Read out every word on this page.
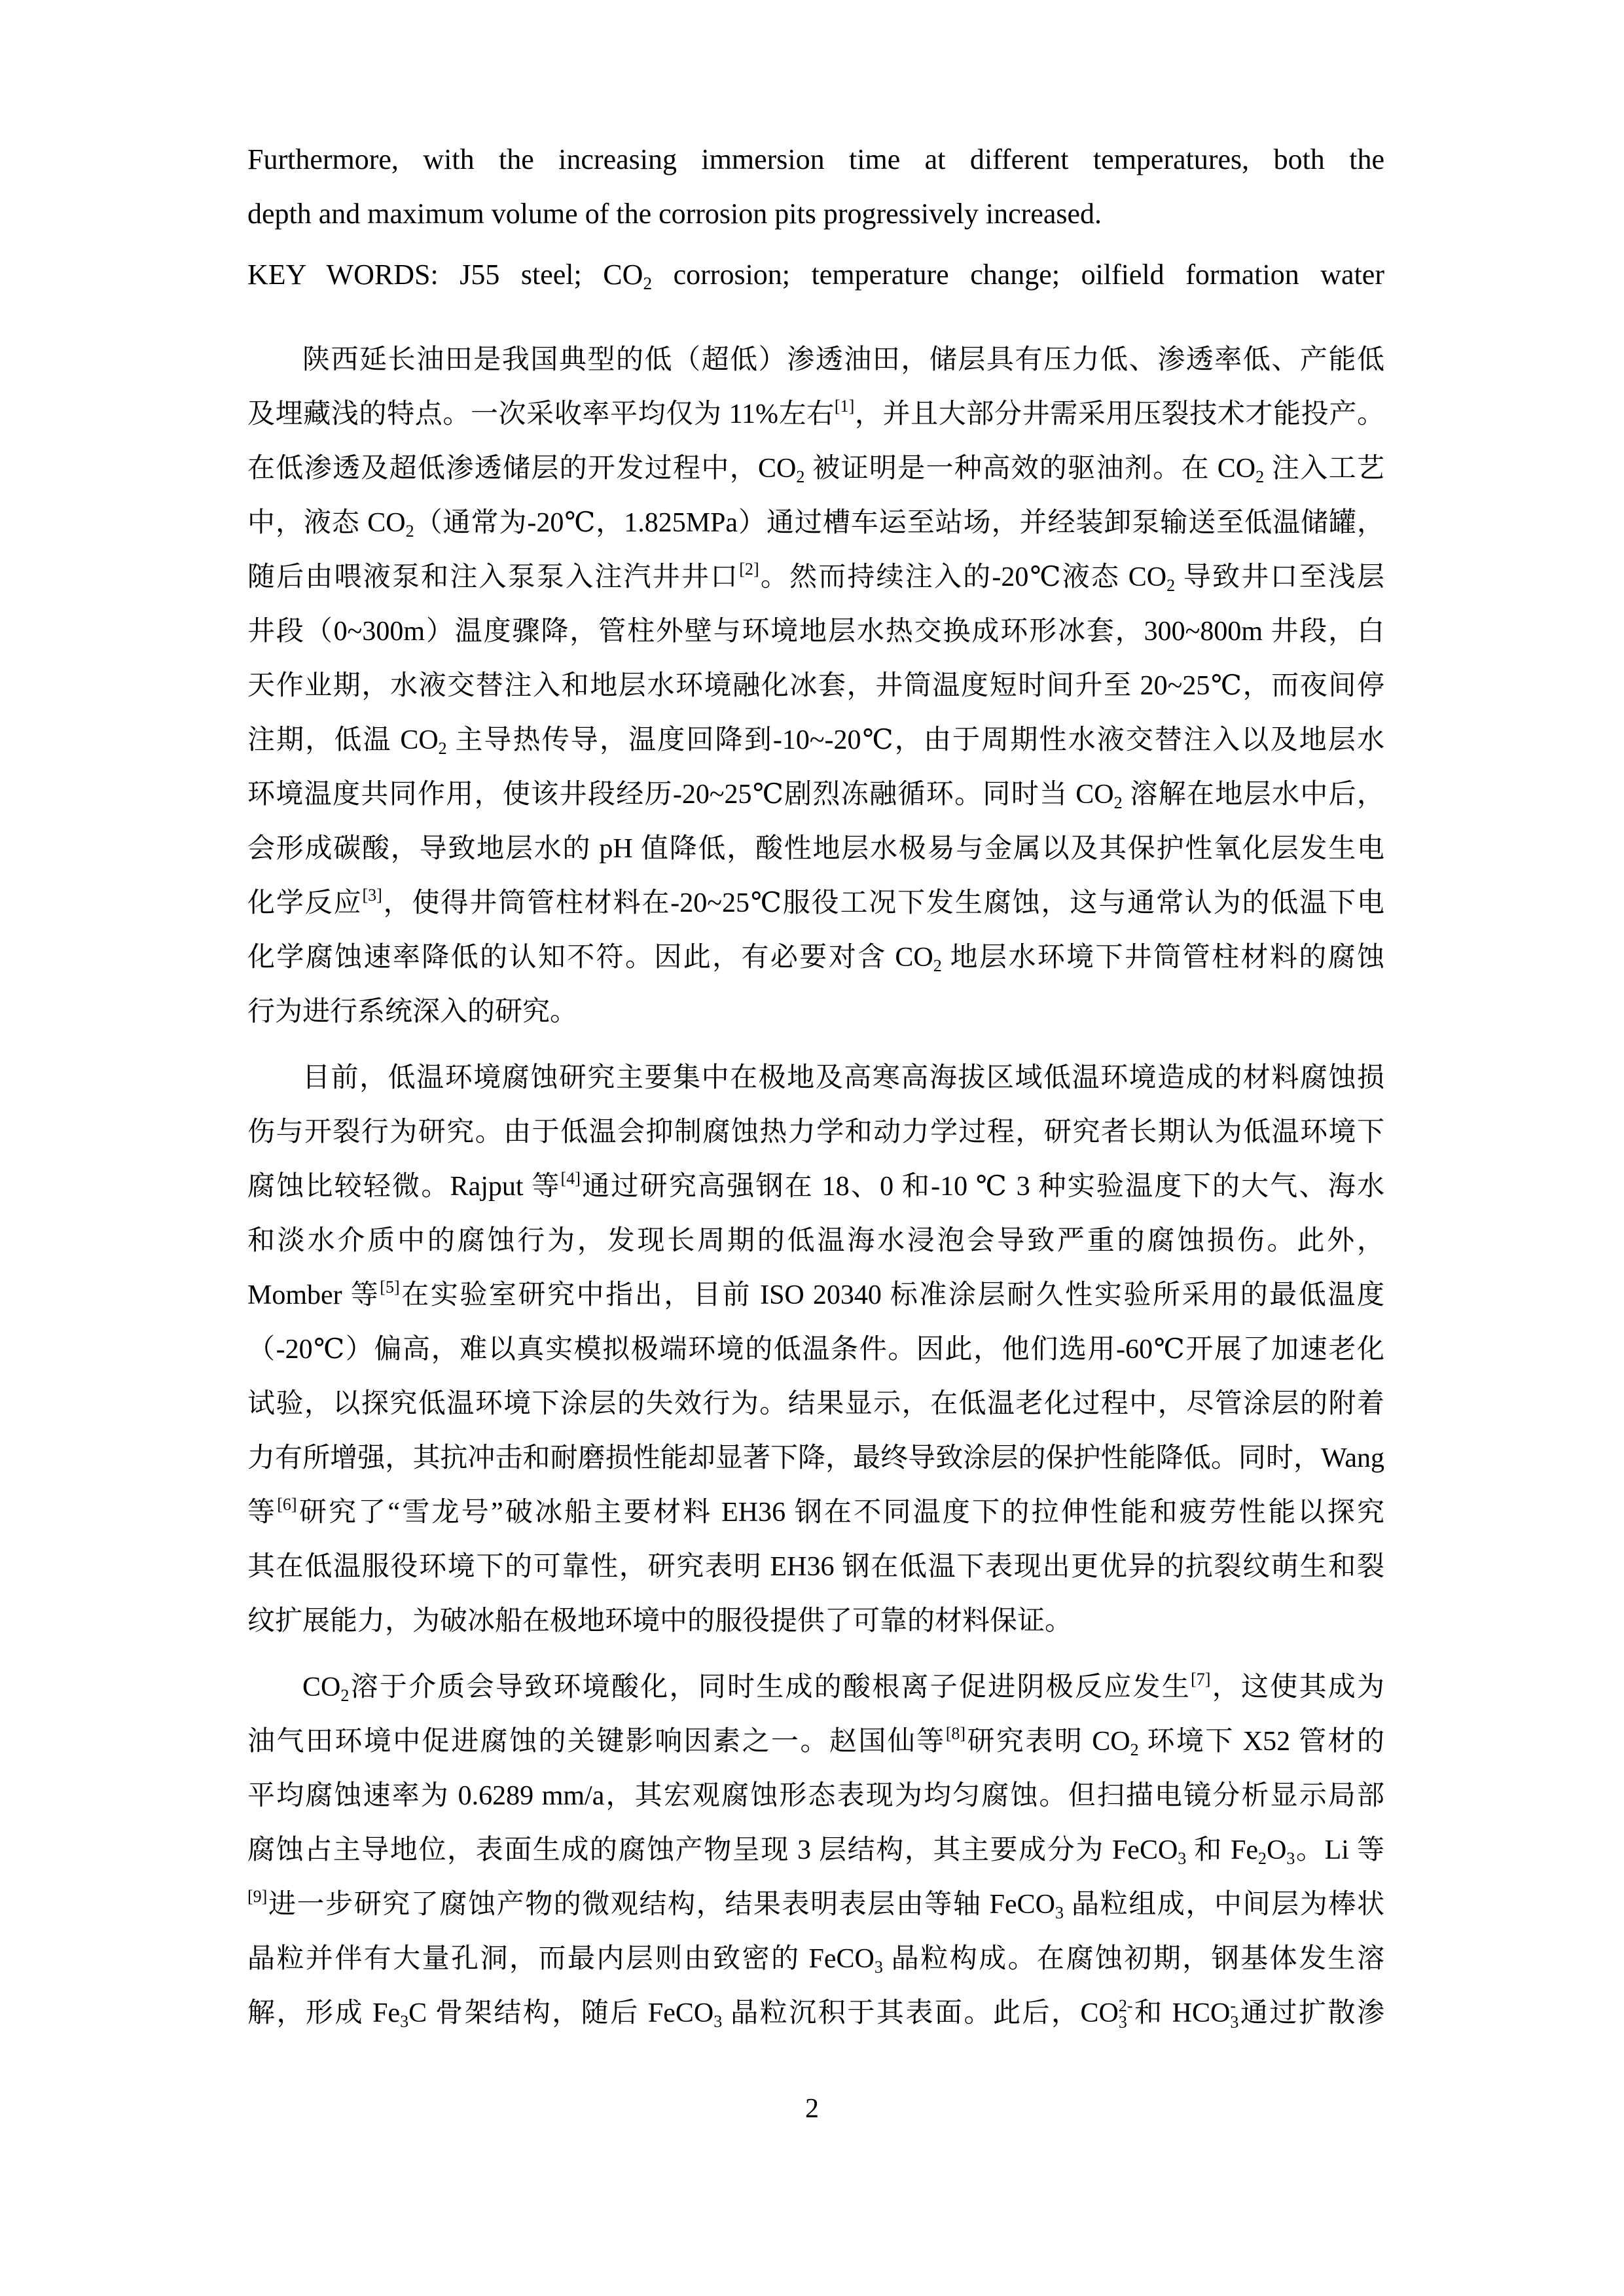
Furthermore, with the increasing immersion time at different temperatures, both the
depth and maximum volume of the corrosion pits progressively increased.
KEY WORDS: J55 steel; $CO_2$ corrosion; temperature change; oilfield formation water
陕西延长油田是我国典型的低（超低）渗透油田，储层具有压力低、渗透率低、产能低
及埋藏浅的特点。一次采收率平均仅为 11%左右[1]，并且大部分井需采用压裂技术才能投产。
在低渗透及超低渗透储层的开发过程中，$CO_2$ 被证明是一种高效的驱油剂。在 $CO_2$ 注入工艺
中，液态 $CO_2$（通常为-20℃，1.825MPa）通过槽车运至站场，并经装卸泵输送至低温储罐，
随后由喂液泵和注入泵泵入注汽井井口[2]。然而持续注入的-20℃液态 $CO_2$ 导致井口至浅层
井段（0~300m）温度骤降，管柱外壁与环境地层水热交换成环形冰套，300~800m 井段，白
天作业期，水液交替注入和地层水环境融化冰套，井筒温度短时间升至 20~25℃，而夜间停
注期，低温 $CO_2$ 主导热传导，温度回降到-10~-20℃，由于周期性水液交替注入以及地层水
环境温度共同作用，使该井段经历-20~25℃剧烈冻融循环。同时当 $CO_2$ 溶解在地层水中后，
会形成碳酸，导致地层水的 pH 值降低，酸性地层水极易与金属以及其保护性氧化层发生电
化学反应[3]，使得井筒管柱材料在-20~25℃服役工况下发生腐蚀，这与通常认为的低温下电
化学腐蚀速率降低的认知不符。因此，有必要对含 $CO_2$ 地层水环境下井筒管柱材料的腐蚀
行为进行系统深入的研究。
目前，低温环境腐蚀研究主要集中在极地及高寒高海拔区域低温环境造成的材料腐蚀损
伤与开裂行为研究。由于低温会抑制腐蚀热力学和动力学过程，研究者长期认为低温环境下
腐蚀比较轻微。Rajput 等[4]通过研究高强钢在 18、0 和-10 ℃ 3 种实验温度下的大气、海水
和淡水介质中的腐蚀行为，发现长周期的低温海水浸泡会导致严重的腐蚀损伤。此外，
Momber 等[5]在实验室研究中指出，目前 ISO 20340 标准涂层耐久性实验所采用的最低温度
（-20℃）偏高，难以真实模拟极端环境的低温条件。因此，他们选用-60℃开展了加速老化
试验，以探究低温环境下涂层的失效行为。结果显示，在低温老化过程中，尽管涂层的附着
力有所增强，其抗冲击和耐磨损性能却显著下降，最终导致涂层的保护性能降低。同时，Wang
等[6]研究了“雪龙号”破冰船主要材料 EH36 钢在不同温度下的拉伸性能和疲劳性能以探究
其在低温服役环境下的可靠性，研究表明 EH36 钢在低温下表现出更优异的抗裂纹萌生和裂
纹扩展能力，为破冰船在极地环境中的服役提供了可靠的材料保证。
$CO_2$溶于介质会导致环境酸化，同时生成的酸根离子促进阴极反应发生[7]，这使其成为
油气田环境中促进腐蚀的关键影响因素之一。赵国仙等[8]研究表明 $CO_2$ 环境下 X52 管材的
平均腐蚀速率为 0.6289 mm/a，其宏观腐蚀形态表现为均匀腐蚀。但扫描电镜分析显示局部
腐蚀占主导地位，表面生成的腐蚀产物呈现 3 层结构，其主要成分为 FeCO$_3$ 和 $Fe_2O_3$。Li 等
[9]进一步研究了腐蚀产物的微观结构，结果表明表层由等轴 FeCO$_3$ 晶粒组成，中间层为棒状
晶粒并伴有大量孔洞，而最内层则由致密的 FeCO$_3$ 晶粒构成。在腐蚀初期，钢基体发生溶
解，形成 $Fe_3C$ 骨架结构，随后 FeCO$_3$ 晶粒沉积于其表面。此后，CO 2-
3 和 HCO -
3 通过扩散渗
2
